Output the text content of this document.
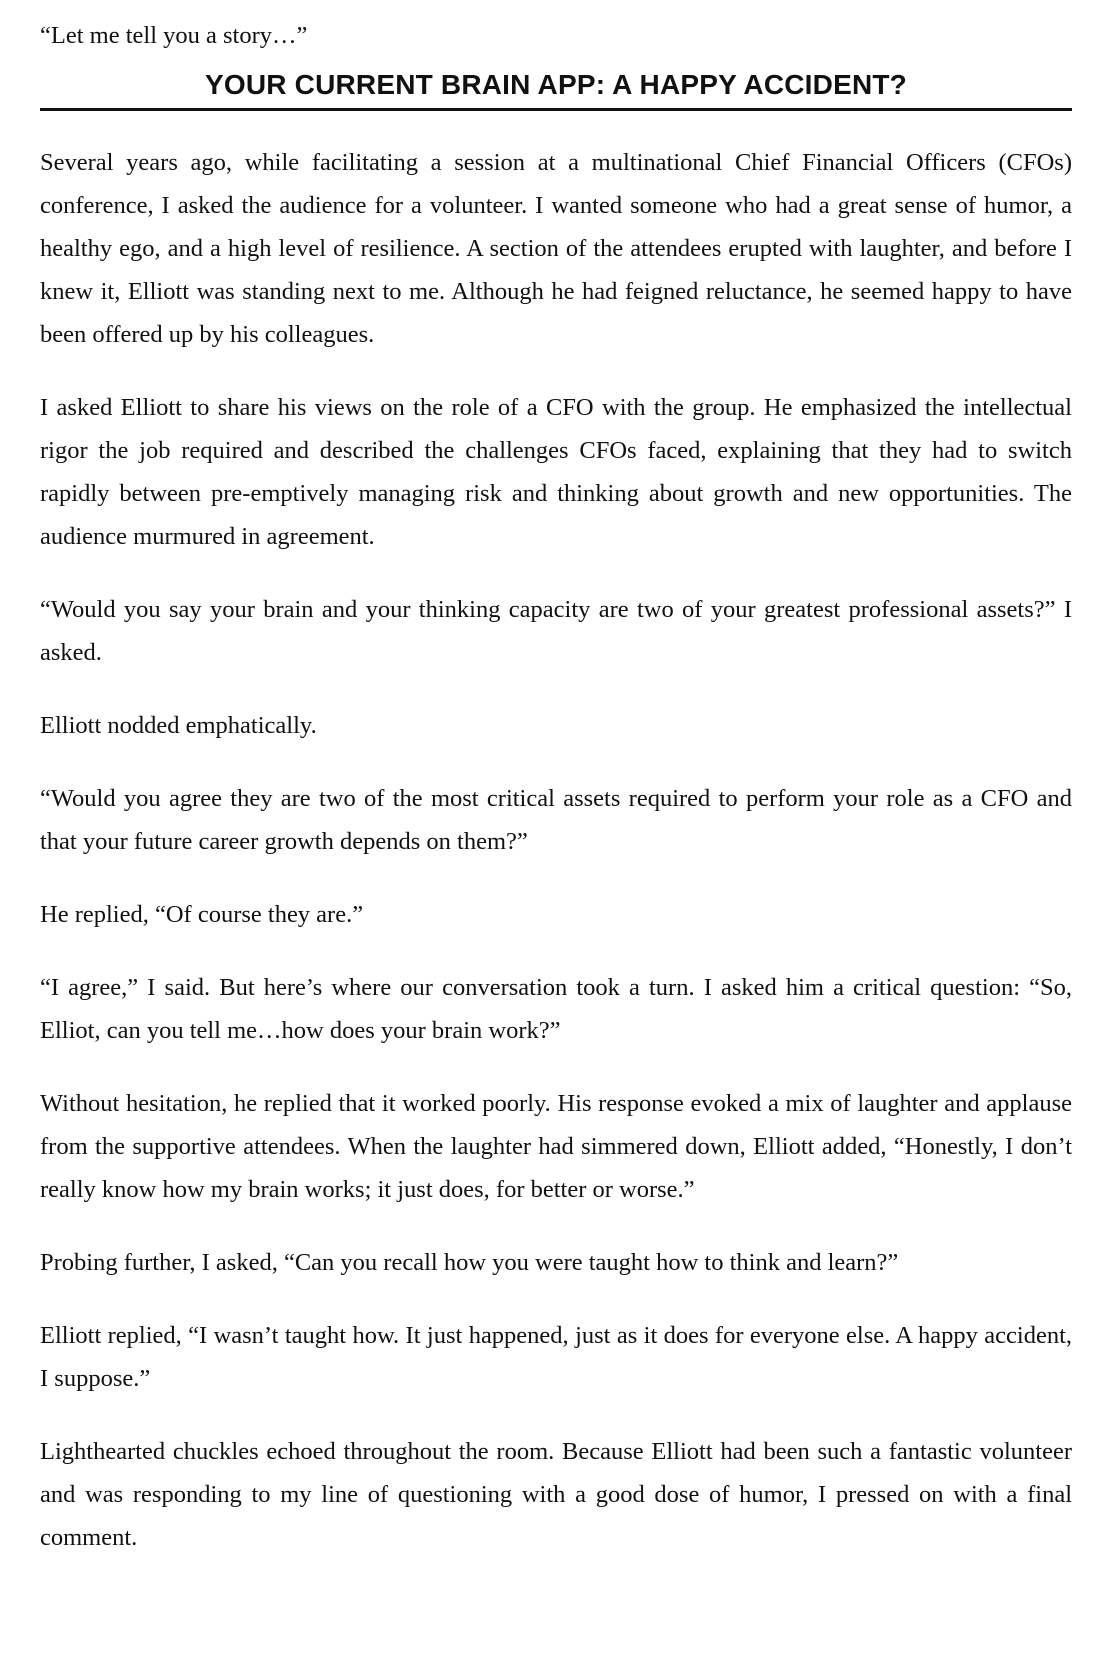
“Let me tell you a story…”

YOUR CURRENT BRAIN APP: A HAPPY ACCIDENT?

Several years ago, while facilitating a session at a multinational Chief Financial Officers (CFOs) conference, I asked the audience for a volunteer. I wanted someone who had a great sense of humor, a healthy ego, and a high level of resilience. A section of the attendees erupted with laughter, and before I knew it, Elliott was standing next to me. Although he had feigned reluctance, he seemed happy to have been offered up by his colleagues.

I asked Elliott to share his views on the role of a CFO with the group. He emphasized the intellectual rigor the job required and described the challenges CFOs faced, explaining that they had to switch rapidly between pre-emptively managing risk and thinking about growth and new opportunities. The audience murmured in agreement.

“Would you say your brain and your thinking capacity are two of your greatest professional assets?” I asked.

Elliott nodded emphatically.

“Would you agree they are two of the most critical assets required to perform your role as a CFO and that your future career growth depends on them?”

He replied, “Of course they are.”

“I agree,” I said. But here’s where our conversation took a turn. I asked him a critical question: “So, Elliot, can you tell me…how does your brain work?”

Without hesitation, he replied that it worked poorly. His response evoked a mix of laughter and applause from the supportive attendees. When the laughter had simmered down, Elliott added, “Honestly, I don’t really know how my brain works; it just does, for better or worse.”

Probing further, I asked, “Can you recall how you were taught how to think and learn?”

Elliott replied, “I wasn’t taught how. It just happened, just as it does for everyone else. A happy accident, I suppose.”

Lighthearted chuckles echoed throughout the room. Because Elliott had been such a fantastic volunteer and was responding to my line of questioning with a good dose of humor, I pressed on with a final comment.
